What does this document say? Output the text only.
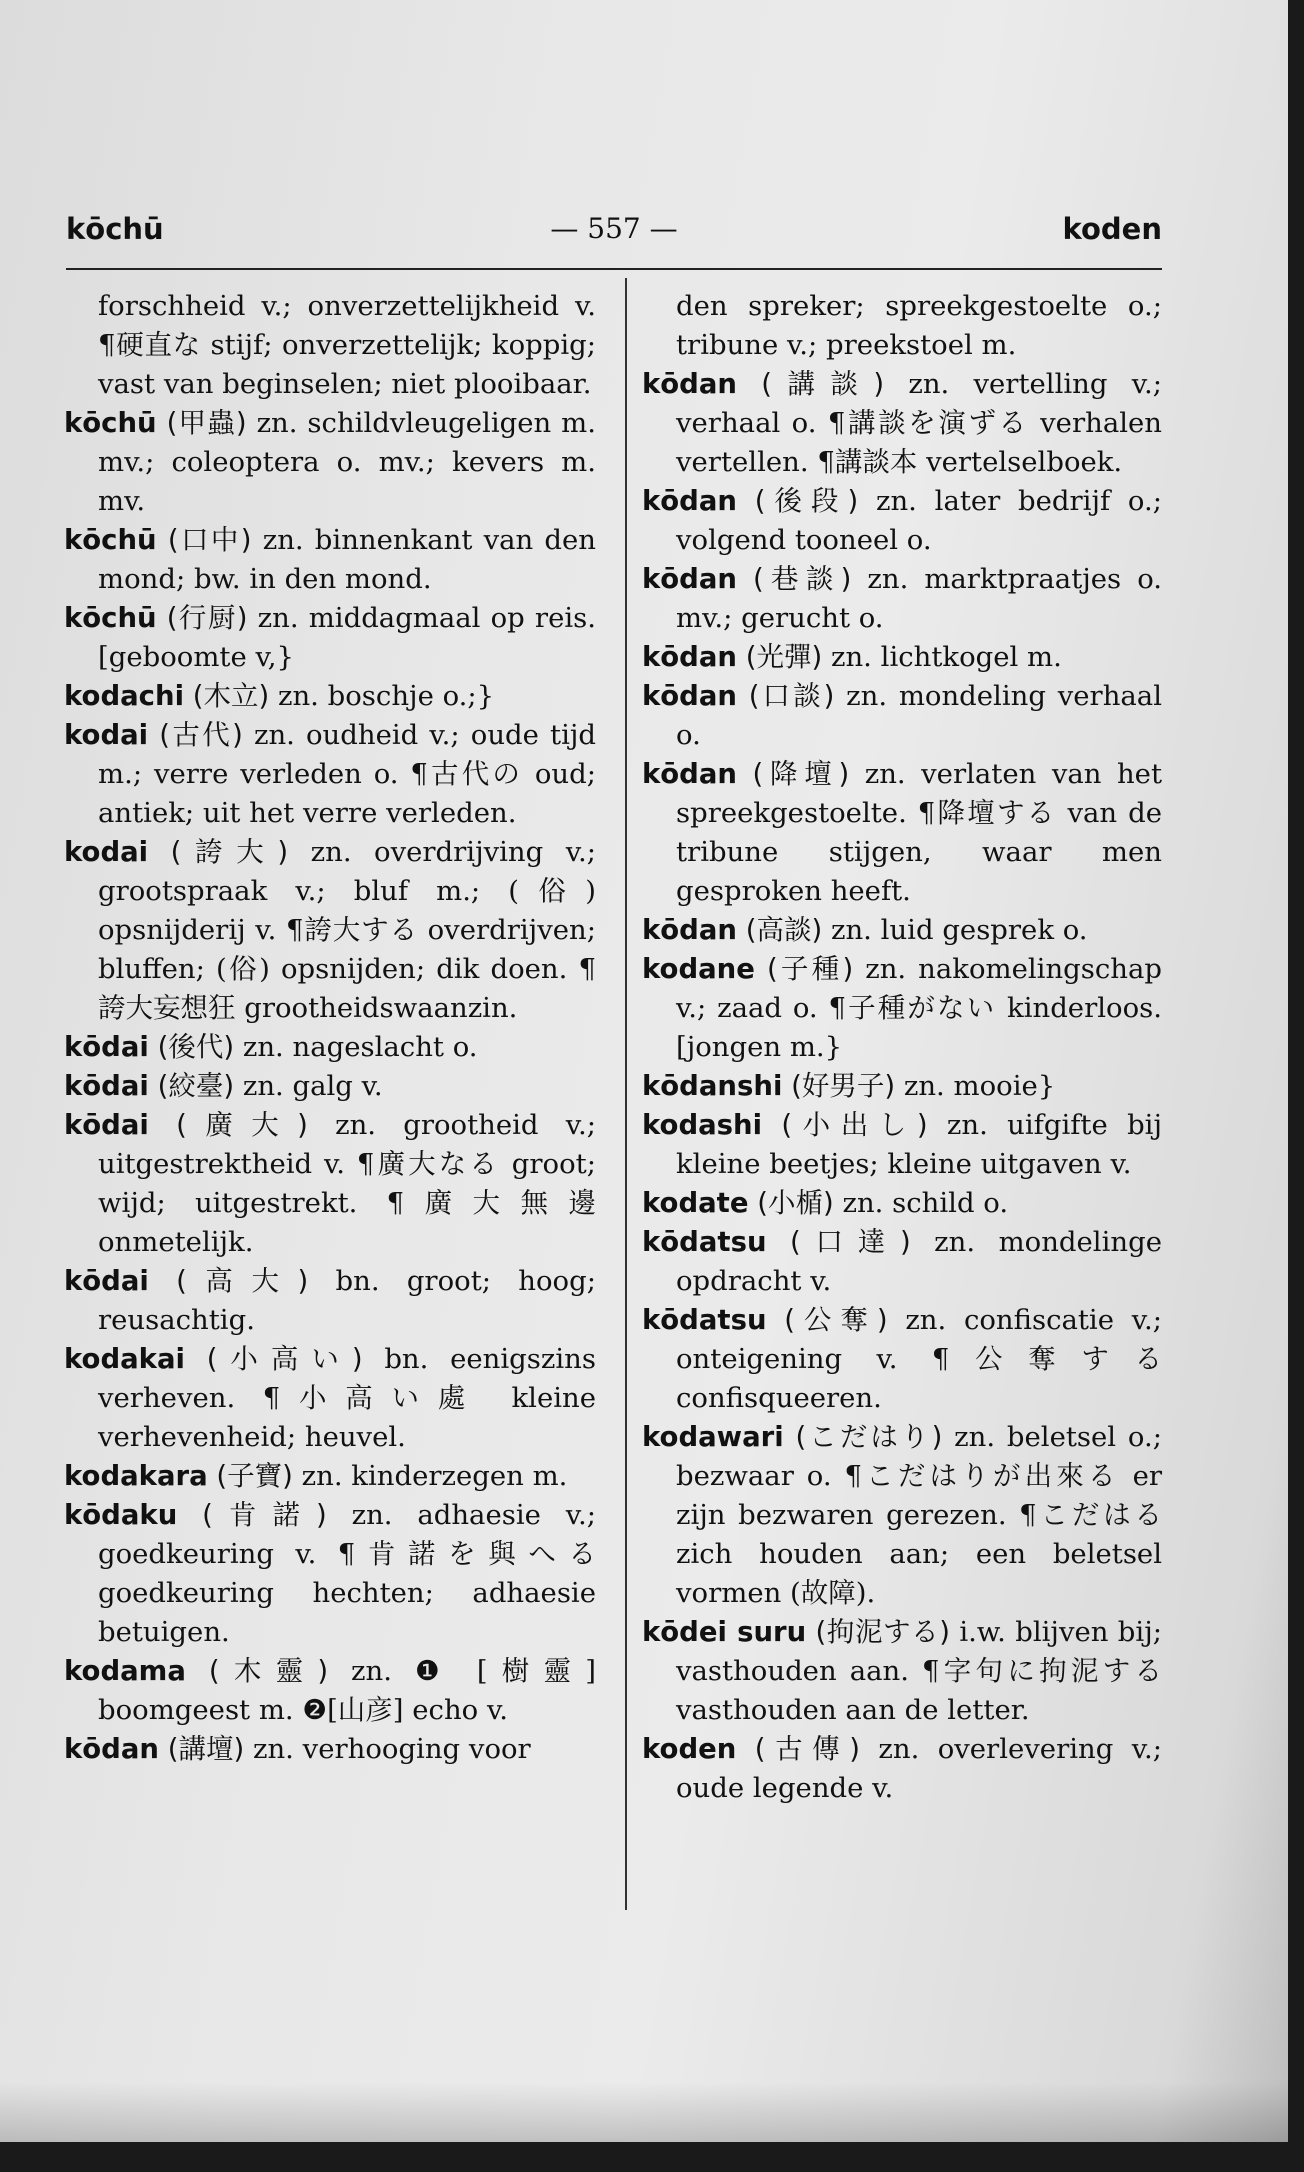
kōchū	— 557 —	koden

forschheid v.; onverzettelijkheid v. ¶硬直な stijf; onverzettelijk; koppig; vast van beginselen; niet plooibaar.

kōchū (甲蟲) zn. schildvleugeligen m. mv.; coleoptera o. mv.; kevers m. mv.

kōchū (口中) zn. binnenkant van den mond; bw. in den mond.

kōchū (行厨) zn. middagmaal op reis. [geboomte v,}

kodachi (木立) zn. boschje o.;}

kodai (古代) zn. oudheid v.; oude tijd m.; verre verleden o. ¶古代の oud; antiek; uit het verre verleden.

kodai (誇大) zn. overdrijving v.; grootspraak v.; bluf m.; (俗) opsnijderij v. ¶誇大する overdrijven; bluffen; (俗) opsnijden; dik doen. ¶誇大妄想狂 grootheidswaanzin.

kōdai (後代) zn. nageslacht o.

kōdai (絞臺) zn. galg v.

kōdai (廣大) zn. grootheid v.; uitgestrektheid v. ¶廣大なる groot; wijd; uitgestrekt. ¶廣大無邊 onmetelijk.

kōdai (高大) bn. groot; hoog; reusachtig.

kodakai (小高い) bn. eenigszins verheven. ¶小高い處 kleine verhevenheid; heuvel.

kodakara (子寶) zn. kinderzegen m.

kōdaku (肯諾) zn. adhaesie v.; goedkeuring v. ¶肯諾を與へる goedkeuring hechten; adhaesie betuigen.

kodama (木靈) zn. ❶ [樹靈] boomgeest m. ❷[山彦] echo v.

kōdan (講壇) zn. verhooging voor

den spreker; spreekgestoelte o.; tribune v.; preekstoel m.

kōdan (講談) zn. vertelling v.; verhaal o. ¶講談を演ずる verhalen vertellen. ¶講談本 vertelselboek.

kōdan (後段) zn. later bedrijf o.; volgend tooneel o.

kōdan (巷談) zn. marktpraatjes o. mv.; gerucht o.

kōdan (光彈) zn. lichtkogel m.

kōdan (口談) zn. mondeling verhaal o.

kōdan (降壇) zn. verlaten van het spreekgestoelte. ¶降壇する van de tribune stijgen, waar men gesproken heeft.

kōdan (高談) zn. luid gesprek o.

kodane (子種) zn. nakomelingschap v.; zaad o. ¶子種がない kinderloos. [jongen m.}

kōdanshi (好男子) zn. mooie}

kodashi (小出し) zn. uifgifte bij kleine beetjes; kleine uitgaven v.

kodate (小楯) zn. schild o.

kōdatsu (口達) zn. mondelinge opdracht v.

kōdatsu (公奪) zn. confiscatie v.; onteigening v. ¶公奪する confisqueeren.

kodawari (こだはり) zn. beletsel o.; bezwaar o. ¶こだはりが出來る er zijn bezwaren gerezen. ¶こだはる zich houden aan; een beletsel vormen (故障).

kōdei suru (拘泥する) i.w. blijven bij; vasthouden aan. ¶字句に拘泥する vasthouden aan de letter.

koden (古傳) zn. overlevering v.; oude legende v.
